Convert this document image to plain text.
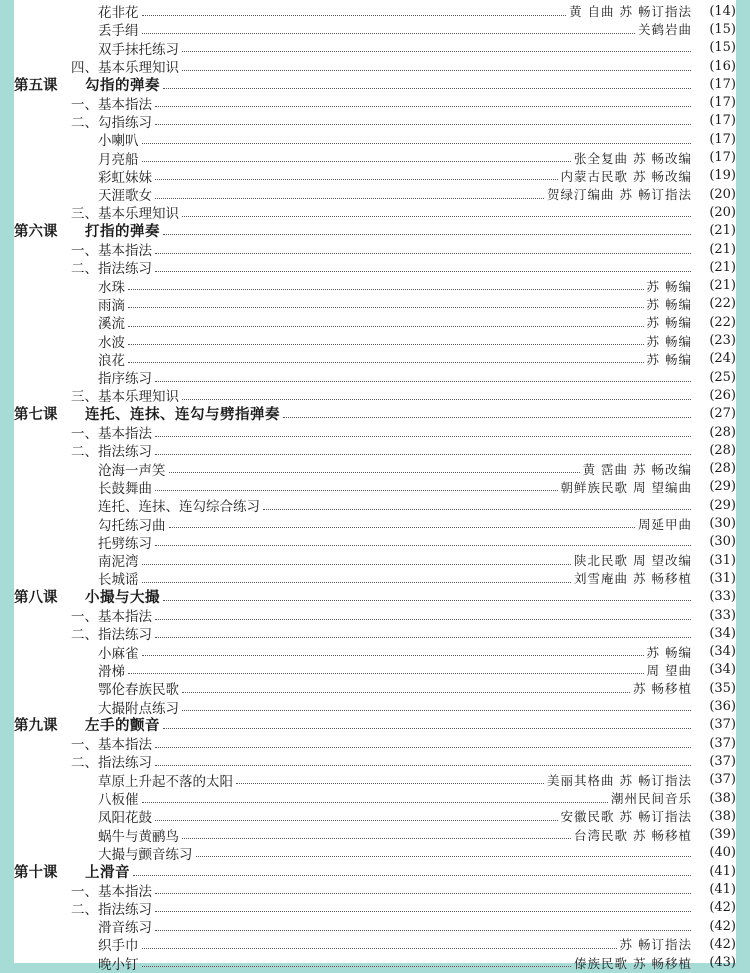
花非花	黄 自曲 苏 畅订指法	(14)
丢手绢	关鹤岩曲	(15)
双手抹托练习	(15)
四、 基本乐理知识	(16)
第五课	勾指的弹奏	(17)
一、 基本指法	(17)
二、 勾指练习	(17)
小喇叭	(17)
月亮船	张全复曲 苏 畅改编	(17)
彩虹妹妹	内蒙古民歌 苏 畅改编	(19)
天涯歌女	贺绿汀编曲 苏 畅订指法	(20)
三、 基本乐理知识	(20)
第六课	打指的弹奏	(21)
一、 基本指法	(21)
二、 指法练习	(21)
水珠	苏 畅编	(21)
雨滴	苏 畅编	(22)
溪流	苏 畅编	(22)
水波	苏 畅编	(23)
浪花	苏 畅编	(24)
指序练习	(25)
三、 基本乐理知识	(26)
第七课	连托、连抹、连勾与劈指弹奏	(27)
一、 基本指法	(28)
二、 指法练习	(28)
沧海一声笑	黄 霑曲 苏 畅改编	(28)
长鼓舞曲	朝鲜族民歌 周 望编曲	(29)
连托、连抹、连勾综合练习	(29)
勾托练习曲	周延甲曲	(30)
托劈练习	(30)
南泥湾	陕北民歌 周 望改编	(31)
长城谣	刘雪庵曲 苏 畅移植	(31)
第八课	小撮与大撮	(33)
一、 基本指法	(33)
二、 指法练习	(34)
小麻雀	苏 畅编	(34)
滑梯	周 望曲	(34)
鄂伦春族民歌	苏 畅移植	(35)
大撮附点练习	(36)
第九课	左手的颤音	(37)
一、 基本指法	(37)
二、 指法练习	(37)
草原上升起不落的太阳	美丽其格曲 苏 畅订指法	(37)
八板催	潮州民间音乐	(38)
凤阳花鼓	安徽民歌 苏 畅订指法	(38)
蜗牛与黄鹂鸟	台湾民歌 苏 畅移植	(39)
大撮与颤音练习	(40)
第十课	上滑音	(41)
一、 基本指法	(41)
二、 指法练习	(42)
滑音练习	(42)
织手巾	苏 畅订指法	(42)
晚小钉	傣族民歌 苏 畅移植	(43)
